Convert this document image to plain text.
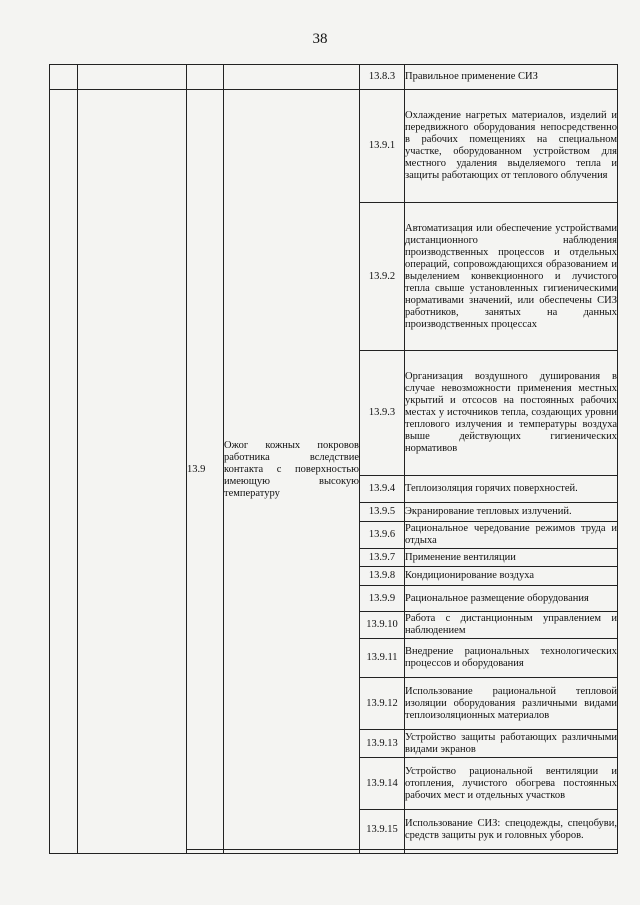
38
				13.8.3	Правильное применение СИЗ
		13.9	Ожог кожных покровов работника вследствие контакта с поверхностью имеющую высокую температуру	13.9.1	Охлаждение нагретых материалов, изделий и передвижного оборудования непосредственно в рабочих помещениях на специальном участке, оборудованном устройством для местного удаления выделяемого тепла и защиты работающих от теплового облучения
				13.9.2	Автоматизация или обеспечение устройствами дистанционного наблюдения производственных процессов и отдельных операций, сопровождающихся образованием и выделением конвекционного и лучистого тепла свыше установленных гигиеническими нормативами значений, или обеспечены СИЗ работников, занятых на данных производственных процессах
				13.9.3	Организация воздушного душирования в случае невозможности применения местных укрытий и отсосов на постоянных рабочих местах у источников тепла, создающих уровни теплового излучения и температуры воздуха выше действующих гигиенических нормативов
				13.9.4	Теплоизоляция горячих поверхностей.
				13.9.5	Экранирование тепловых излучений.
				13.9.6	Рациональное чередование режимов труда и отдыха
				13.9.7	Применение вентиляции
				13.9.8	Кондиционирование воздуха
				13.9.9	Рациональное размещение оборудования
				13.9.10	Работа с дистанционным управлением и наблюдением
				13.9.11	Внедрение рациональных технологических процессов и оборудования
				13.9.12	Использование рациональной тепловой изоляции оборудования различными видами теплоизоляционных материалов
				13.9.13	Устройство защиты работающих различными видами экранов
				13.9.14	Устройство рациональной вентиляции и отопления, лучистого обогрева постоянных рабочих мест и отдельных участков
				13.9.15	Использование СИЗ: спецодежды, спецобуви, средств защиты рук и головных уборов.
